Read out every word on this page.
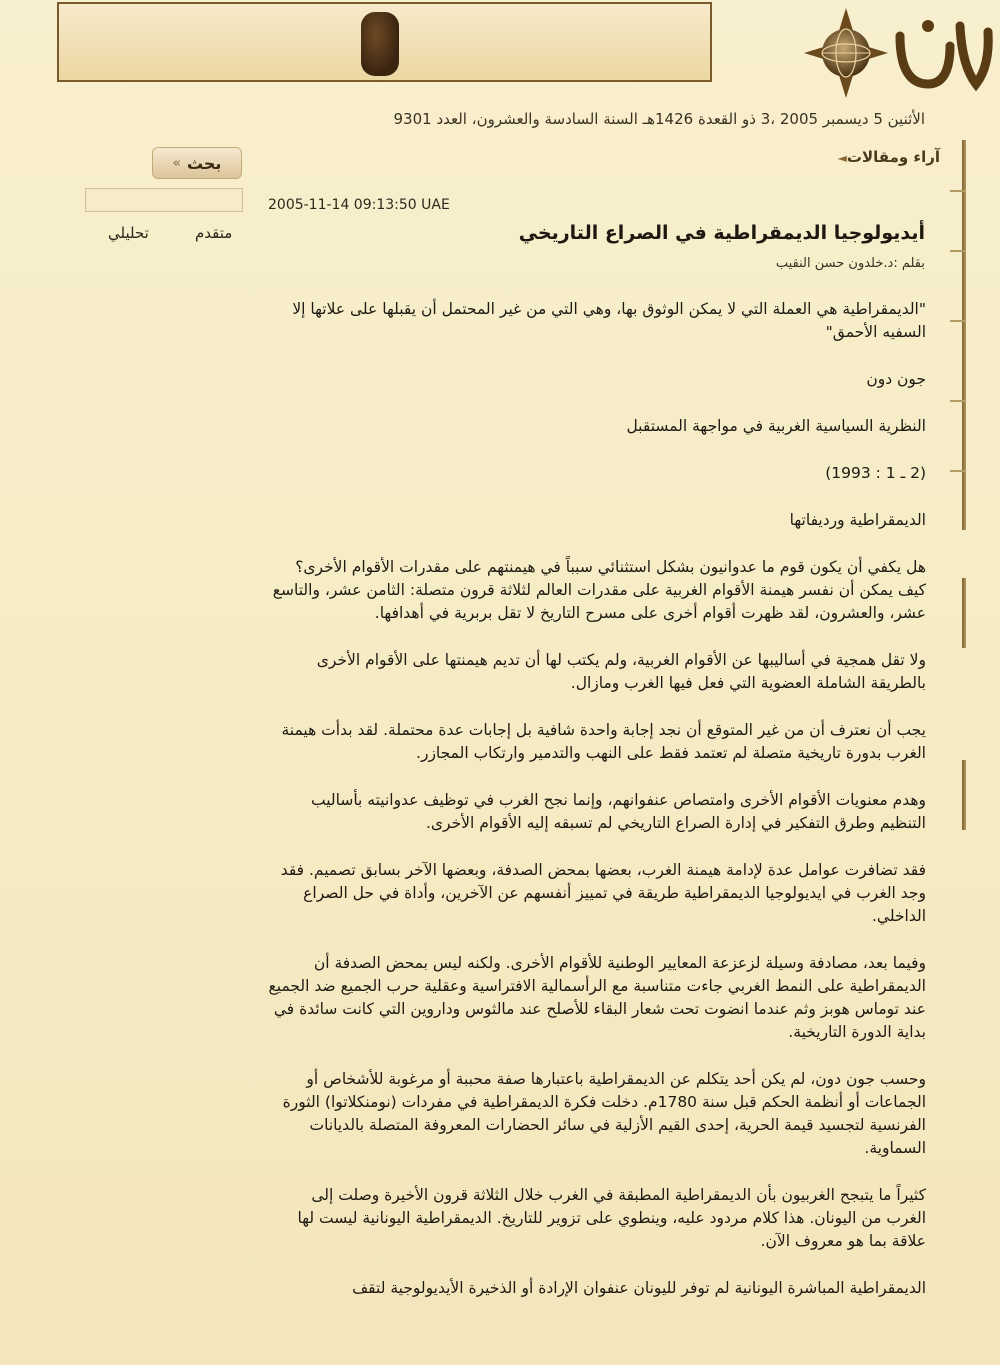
الأثنين 5 ديسمبر 2005 ،3 ذو القعدة 1426هـ السنة السادسة والعشرون، العدد 9301
آراء ومقالات◄
« بحث
متقدم
تحليلي
2005-11-14 09:13:50 UAE
أيديولوجيا الديمقراطية في الصراع التاريخي
بقلم :د.خلدون حسن النقيب

"الديمقراطية هي العملة التي لا يمكن الوثوق بها، وهي التي من غير المحتمل أن يقبلها على علاتها إلا السفيه الأحمق"

جون دون

النظرية السياسية الغربية في مواجهة المستقبل

(2 ـ 1 : 1993)

الديمقراطية ورديفاتها

هل يكفي أن يكون قوم ما عدوانيون بشكل استثنائي سبباً في هيمنتهم على مقدرات الأقوام الأخرى؟ كيف يمكن أن نفسر هيمنة الأقوام الغربية على مقدرات العالم لثلاثة قرون متصلة: الثامن عشر، والتاسع عشر، والعشرون، لقد ظهرت أقوام أخرى على مسرح التاريخ لا تقل بربرية في أهدافها.

ولا تقل همجية في أساليبها عن الأقوام الغربية، ولم يكتب لها أن تديم هيمنتها على الأقوام الأخرى بالطريقة الشاملة العضوية التي فعل فيها الغرب ومازال.

يجب أن نعترف أن من غير المتوقع أن نجد إجابة واحدة شافية بل إجابات عدة محتملة. لقد بدأت هيمنة الغرب بدورة تاريخية متصلة لم تعتمد فقط على النهب والتدمير وارتكاب المجازر.

وهدم معنويات الأقوام الأخرى وامتصاص عنفوانهم، وإنما نجح الغرب في توظيف عدوانيته بأساليب التنظيم وطرق التفكير في إدارة الصراع التاريخي لم تسبقه إليه الأقوام الأخرى.

فقد تضافرت عوامل عدة لإدامة هيمنة الغرب، بعضها بمحض الصدفة، وبعضها الآخر بسابق تصميم. فقد وجد الغرب في ايديولوجيا الديمقراطية طريقة في تمييز أنفسهم عن الآخرين، وأداة في حل الصراع الداخلي.

وفيما بعد، مصادفة وسيلة لزعزعة المعايير الوطنية للأقوام الأخرى. ولكنه ليس بمحض الصدفة أن الديمقراطية على النمط الغربي جاءت متناسبة مع الرأسمالية الافتراسية وعقلية حرب الجميع ضد الجميع عند توماس هوبز وثم عندما انضوت تحت شعار البقاء للأصلح عند مالثوس وداروين التي كانت سائدة في بداية الدورة التاريخية.

وحسب جون دون، لم يكن أحد يتكلم عن الديمقراطية باعتبارها صفة محببة أو مرغوبة للأشخاص أو الجماعات أو أنظمة الحكم قبل سنة 1780م. دخلت فكرة الديمقراطية في مفردات (نومنكلاتوا) الثورة الفرنسية لتجسيد قيمة الحرية، إحدى القيم الأزلية في سائر الحضارات المعروفة المتصلة بالديانات السماوية.

كثيراً ما يتبجح الغربيون بأن الديمقراطية المطبقة في الغرب خلال الثلاثة قرون الأخيرة وصلت إلى الغرب من اليونان. هذا كلام مردود عليه، وينطوي على تزوير للتاريخ. الديمقراطية اليونانية ليست لها علاقة بما هو معروف الآن.

الديمقراطية المباشرة اليونانية لم توفر لليونان عنفوان الإرادة أو الذخيرة الأيديولوجية لتقف
